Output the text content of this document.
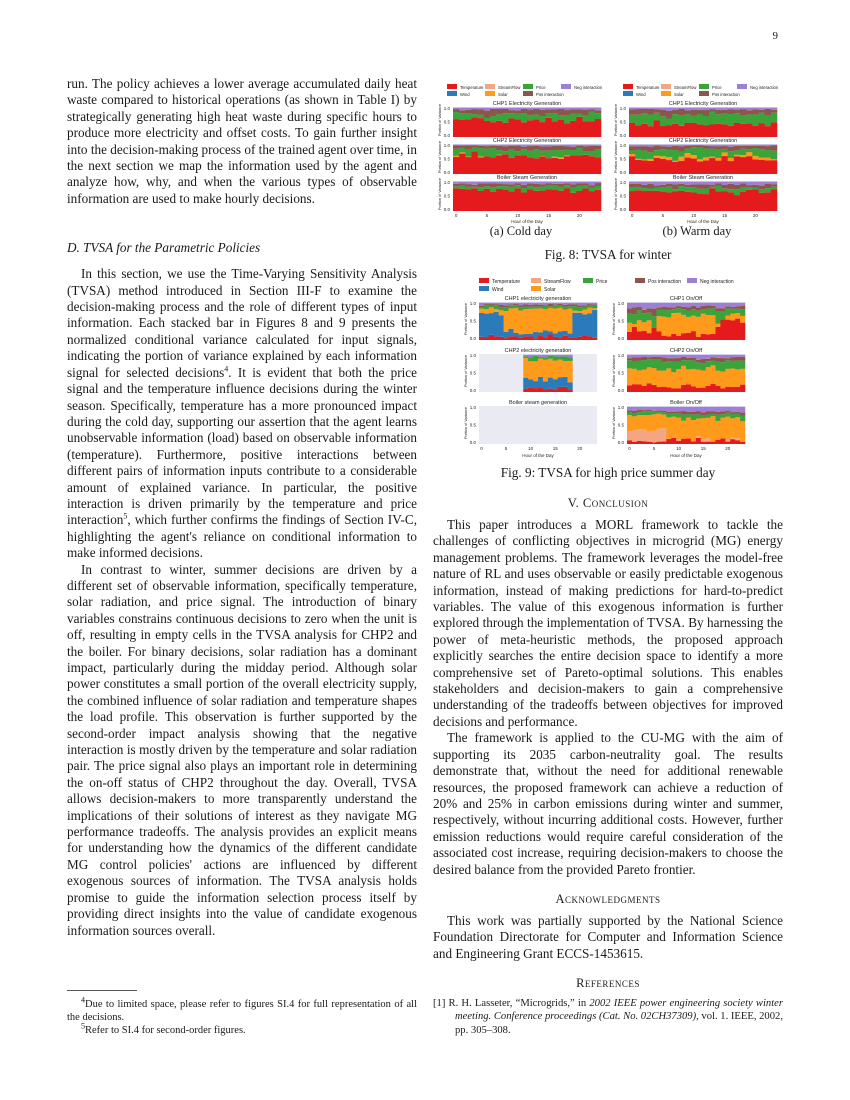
9

run. The policy achieves a lower average accumulated daily heat waste compared to historical operations (as shown in Table I) by strategically generating high heat waste during specific hours to produce more electricity and offset costs. To gain further insight into the decision-making process of the trained agent over time, in the next section we map the information used by the agent and analyze how, why, and when the various types of observable information are used to make hourly decisions.

D. TVSA for the Parametric Policies

In this section, we use the Time-Varying Sensitivity Analysis (TVSA) method introduced in Section III-F to examine the decision-making process and the role of different types of input information. Each stacked bar in Figures 8 and 9 presents the normalized conditional variance calculated for input signals, indicating the portion of variance explained by each information signal for selected decisions$^4$. It is evident that both the price signal and the temperature influence decisions during the winter season. Specifically, temperature has a more pronounced impact during the cold day, supporting our assertion that the agent learns unobservable information (load) based on observable information (temperature). Furthermore, positive interactions between different pairs of information inputs contribute to a considerable amount of explained variance. In particular, the positive interaction is driven primarily by the temperature and price interaction$^5$, which further confirms the findings of Section IV-C, highlighting the agent's reliance on conditional information to make informed decisions.

In contrast to winter, summer decisions are driven by a different set of observable information, specifically temperature, solar radiation, and price signal. The introduction of binary variables constrains continuous decisions to zero when the unit is off, resulting in empty cells in the TVSA analysis for CHP2 and the boiler. For binary decisions, solar radiation has a dominant impact, particularly during the midday period. Although solar power constitutes a small portion of the overall electricity supply, the combined influence of solar radiation and temperature shapes the load profile. This observation is further supported by the second-order impact analysis showing that the negative interaction is mostly driven by the temperature and solar radiation pair. The price signal also plays an important role in determining the on-off status of CHP2 throughout the day. Overall, TVSA allows decision-makers to more transparently understand the implications of their solutions of interest as they navigate MG performance tradeoffs. The analysis provides an explicit means for understanding how the dynamics of the different candidate MG control policies' actions are influenced by different exogenous sources of information. The TVSA analysis holds promise to guide the information selection process itself by providing direct insights into the value of candidate exogenous information sources overall.

$^4$Due to limited space, please refer to figures SI.4 for full representation of all the decisions.

$^5$Refer to SI.4 for second-order figures.

Temperature	StreamFlow	Price	Neg interaction
Wind	Solar	Pos interaction
CHP1 Electricity Generation
1.0
0.5
0.0
Portion of Variance
CHP2 Electricity Generation
1.0
0.5
0.0
Portion of Variance
Boiler Steam Generation
1.0
0.5
0.0
0	5	10	15	20
Portion of Variance
Hour of the Day
Temperature	StreamFlow	Price	Neg interaction
Wind	Solar	Pos interaction
CHP1 Electricity Generation
1.0
0.5
0.0
Portion of Variance
CHP2 Electricity Generation
1.0
0.5
0.0
Portion of Variance
Boiler Steam Generation
1.0
0.5
0.0
0	5	10	15	20
Portion of Variance
Hour of the Day
(a) Cold day	(b) Warm day
Fig. 8: TVSA for winter
Temperature	StreamFlow	Price	Pos interaction	Neg interaction
Wind	Solar
CHP1 electricity generation
1.0
0.5
0.0
Portion of Variance
CHP2 electricity generation
1.0
0.5
0.0
Portion of Variance
Boiler steam generation
1.0
0.5
0.0
0	5	10	15	20
Portion of Variance
CHP1 On/Off
1.0
0.5
0.0
Portion of Variance
CHP2 On/Off
1.0
0.5
0.0
Portion of Variance
Boiler On/Off
1.0
0.5
0.0
0	5	10	15	20
Portion of Variance
Hour of the Day	Hour of the Day
Fig. 9: TVSA for high price summer day
V. Conclusion

This paper introduces a MORL framework to tackle the challenges of conflicting objectives in microgrid (MG) energy management problems. The framework leverages the model-free nature of RL and uses observable or easily predictable exogenous information, instead of making predictions for hard-to-predict variables. The value of this exogenous information is further explored through the implementation of TVSA. By harnessing the power of meta-heuristic methods, the proposed approach explicitly searches the entire decision space to identify a more comprehensive set of Pareto-optimal solutions. This enables stakeholders and decision-makers to gain a comprehensive understanding of the tradeoffs between objectives for improved decisions and performance.

The framework is applied to the CU-MG with the aim of supporting its 2035 carbon-neutrality goal. The results demonstrate that, without the need for additional renewable resources, the proposed framework can achieve a reduction of 20% and 25% in carbon emissions during winter and summer, respectively, without incurring additional costs. However, further emission reductions would require careful consideration of the associated cost increase, requiring decision-makers to choose the desired balance from the provided Pareto frontier.

Acknowledgments

This work was partially supported by the National Science Foundation Directorate for Computer and Information Science and Engineering Grant ECCS-1453615.

References

[1] R. H. Lasseter, “Microgrids,” in 2002 IEEE power engineering society winter meeting. Conference proceedings (Cat. No. 02CH37309), vol. 1. IEEE, 2002, pp. 305–308.
